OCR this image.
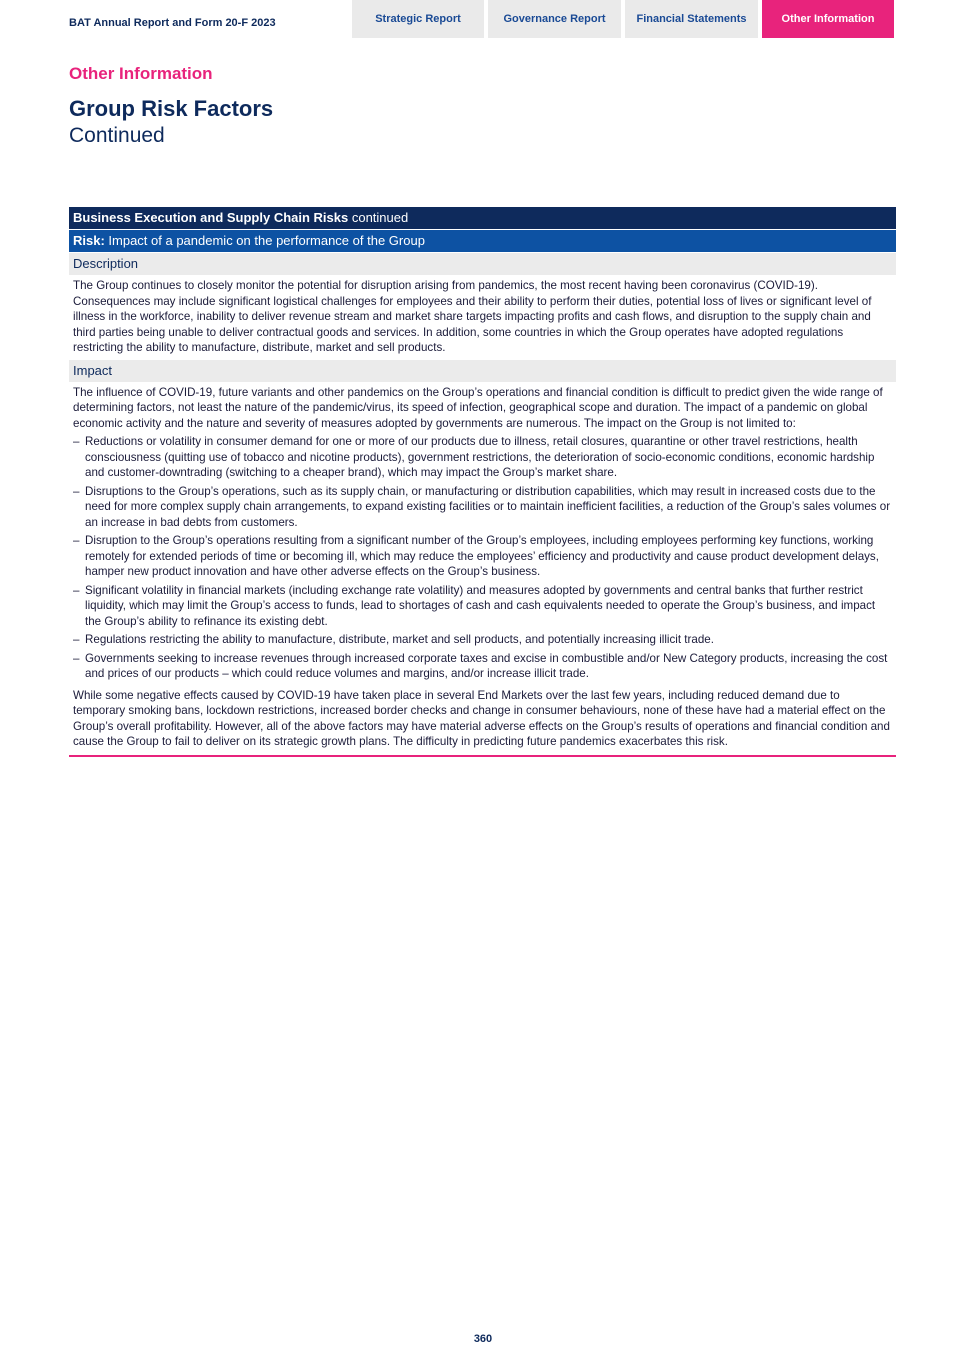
BAT Annual Report and Form 20-F 2023	Strategic Report	Governance Report	Financial Statements	Other Information
Other Information
Group Risk Factors
Continued
Business Execution and Supply Chain Risks continued
Risk: Impact of a pandemic on the performance of the Group
Description

The Group continues to closely monitor the potential for disruption arising from pandemics, the most recent having been coronavirus (COVID-19). Consequences may include significant logistical challenges for employees and their ability to perform their duties, potential loss of lives or significant level of illness in the workforce, inability to deliver revenue stream and market share targets impacting profits and cash flows, and disruption to the supply chain and third parties being unable to deliver contractual goods and services. In addition, some countries in which the Group operates have adopted regulations restricting the ability to manufacture, distribute, market and sell products.

Impact

The influence of COVID-19, future variants and other pandemics on the Group’s operations and financial condition is difficult to predict given the wide range of determining factors, not least the nature of the pandemic/virus, its speed of infection, geographical scope and duration. The impact of a pandemic on global economic activity and the nature and severity of measures adopted by governments are numerous. The impact on the Group is not limited to:

– Reductions or volatility in consumer demand for one or more of our products due to illness, retail closures, quarantine or other travel restrictions, health consciousness (quitting use of tobacco and nicotine products), government restrictions, the deterioration of socio-economic conditions, economic hardship and customer-downtrading (switching to a cheaper brand), which may impact the Group’s market share.
– Disruptions to the Group’s operations, such as its supply chain, or manufacturing or distribution capabilities, which may result in increased costs due to the need for more complex supply chain arrangements, to expand existing facilities or to maintain inefficient facilities, a reduction of the Group’s sales volumes or an increase in bad debts from customers.
– Disruption to the Group’s operations resulting from a significant number of the Group’s employees, including employees performing key functions, working remotely for extended periods of time or becoming ill, which may reduce the employees’ efficiency and productivity and cause product development delays, hamper new product innovation and have other adverse effects on the Group’s business.
– Significant volatility in financial markets (including exchange rate volatility) and measures adopted by governments and central banks that further restrict liquidity, which may limit the Group’s access to funds, lead to shortages of cash and cash equivalents needed to operate the Group’s business, and impact the Group’s ability to refinance its existing debt.
– Regulations restricting the ability to manufacture, distribute, market and sell products, and potentially increasing illicit trade.
– Governments seeking to increase revenues through increased corporate taxes and excise in combustible and/or New Category products, increasing the cost and prices of our products – which could reduce volumes and margins, and/or increase illicit trade.

While some negative effects caused by COVID-19 have taken place in several End Markets over the last few years, including reduced demand due to temporary smoking bans, lockdown restrictions, increased border checks and change in consumer behaviours, none of these have had a material effect on the Group’s overall profitability. However, all of the above factors may have material adverse effects on the Group’s results of operations and financial condition and cause the Group to fail to deliver on its strategic growth plans. The difficulty in predicting future pandemics exacerbates this risk.

360
